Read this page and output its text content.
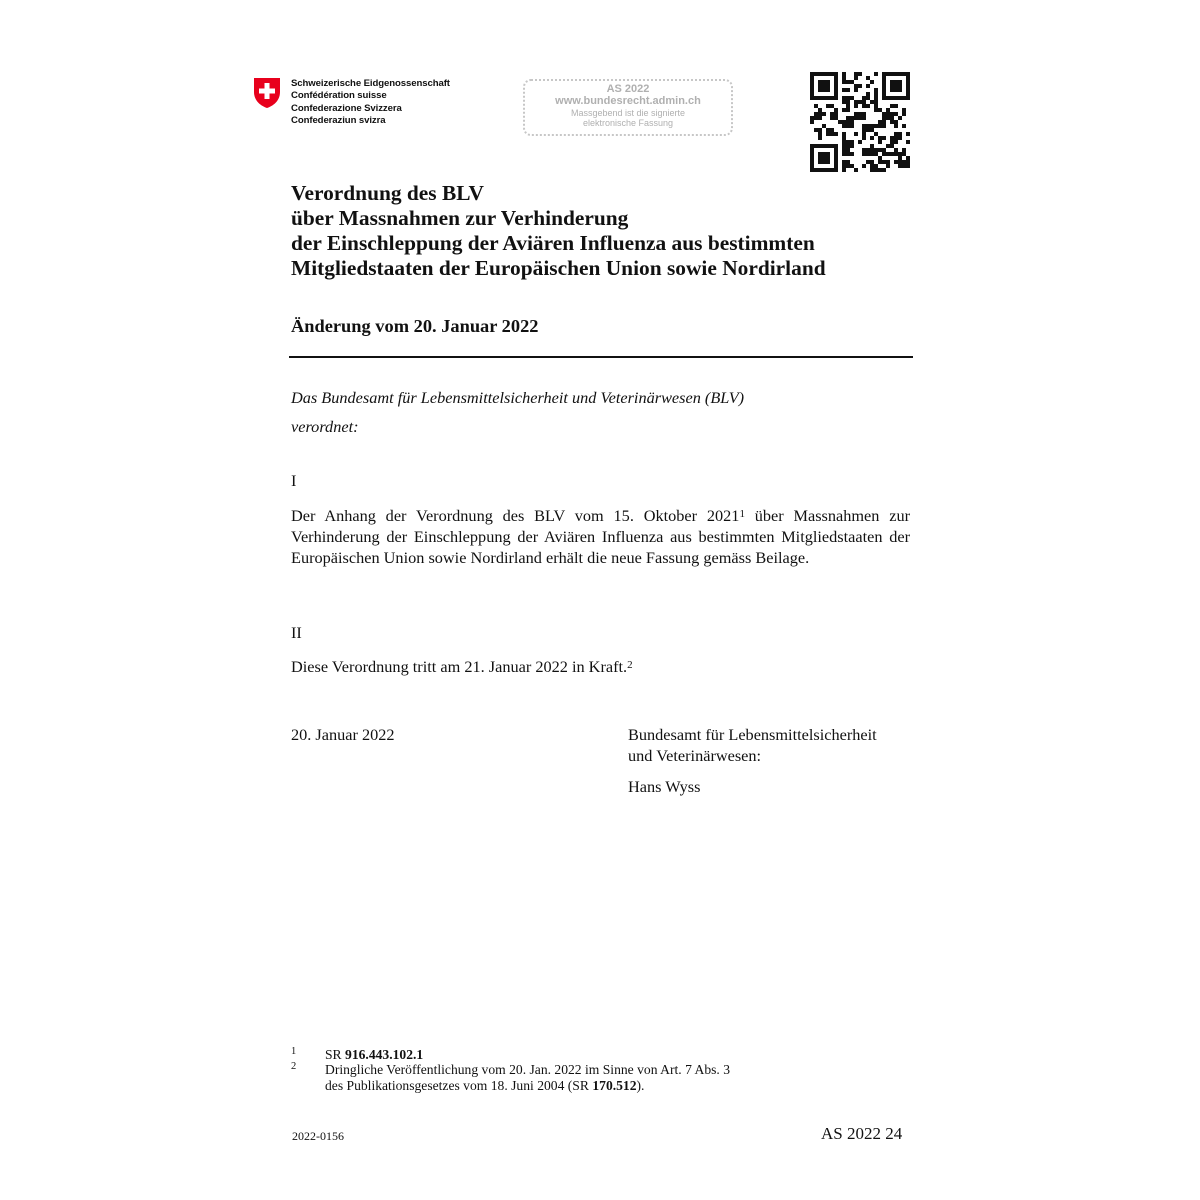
Schweizerische Eidgenossenschaft
Confédération suisse
Confederazione Svizzera
Confederaziun svizra
AS 2022
www.bundesrecht.admin.ch
Massgebend ist die signierte
elektronische Fassung
Verordnung des BLV
über Massnahmen zur Verhinderung
der Einschleppung der Aviären Influenza aus bestimmten
Mitgliedstaaten der Europäischen Union sowie Nordirland
Änderung vom 20. Januar 2022
Das Bundesamt für Lebensmittelsicherheit und Veterinärwesen (BLV)
verordnet:
I
Der Anhang der Verordnung des BLV vom 15. Oktober 2021$^1$ über Massnahmen zur Verhinderung der Einschleppung der Aviären Influenza aus bestimmten Mitgliedstaaten der Europäischen Union sowie Nordirland erhält die neue Fassung gemäss Beilage.
II
Diese Verordnung tritt am 21. Januar 2022 in Kraft.$^2$
20. Januar 2022	Bundesamt für Lebensmittelsicherheit
und Veterinärwesen:
Hans Wyss
1 SR 916.443.102.1
2 Dringliche Veröffentlichung vom 20. Jan. 2022 im Sinne von Art. 7 Abs. 3
des Publikationsgesetzes vom 18. Juni 2004 (SR 170.512).
2022-0156	AS 2022 24
